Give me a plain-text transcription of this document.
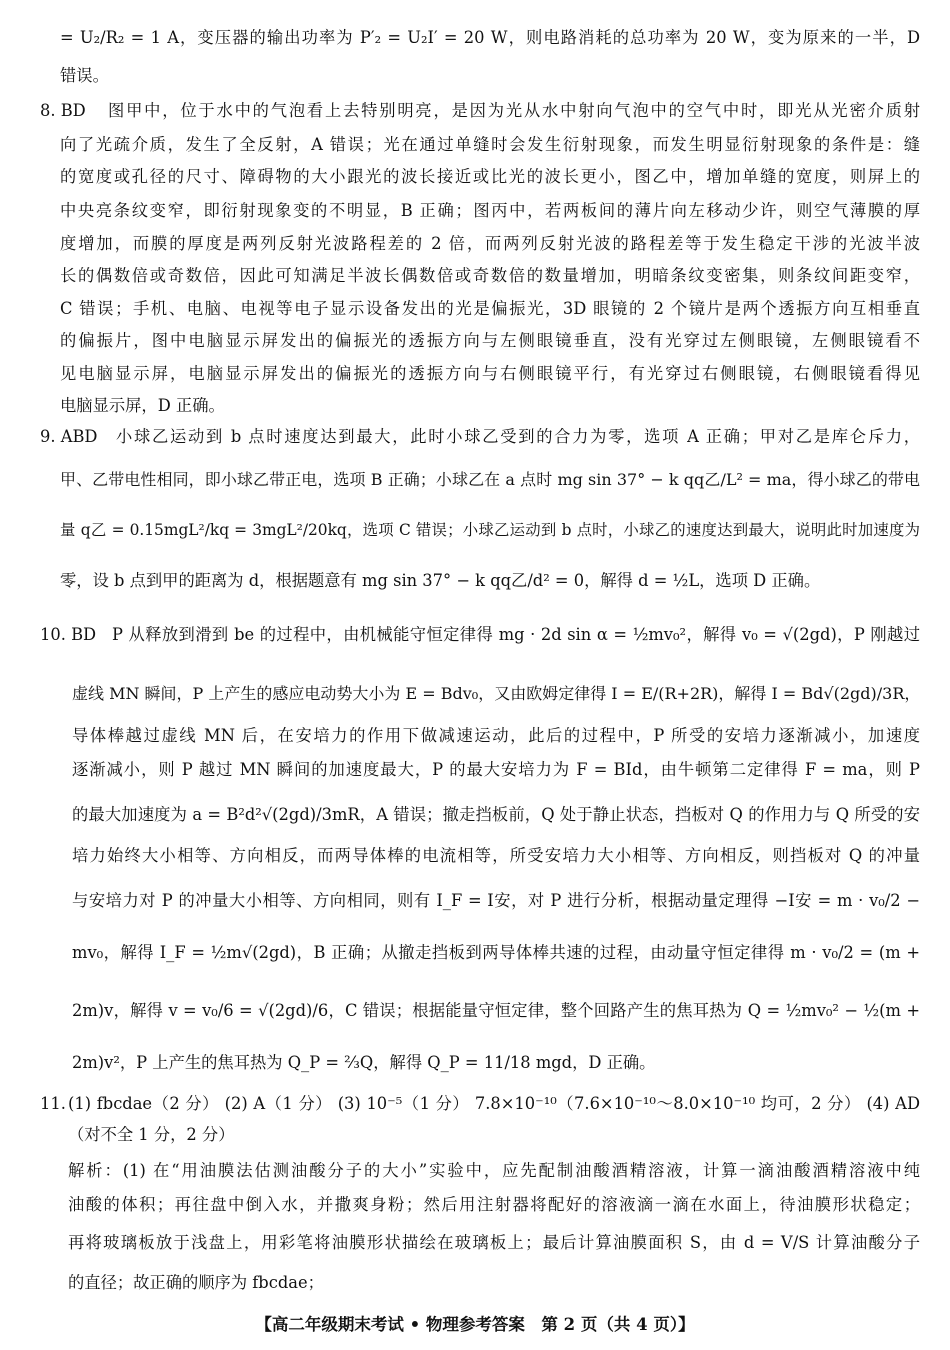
= U₂/R₂ = 1 A，变压器的输出功率为 P′₂ = U₂I′ = 20 W，则电路消耗的总功率为 20 W，变为原来的一半，D
错误。
8. BD 图甲中，位于水中的气泡看上去特别明亮，是因为光从水中射向气泡中的空气中时，即光从光密介质射
向了光疏介质，发生了全反射，A 错误；光在通过单缝时会发生衍射现象，而发生明显衍射现象的条件是：缝
的宽度或孔径的尺寸、障碍物的大小跟光的波长接近或比光的波长更小，图乙中，增加单缝的宽度，则屏上的
中央亮条纹变窄，即衍射现象变的不明显，B 正确；图丙中，若两板间的薄片向左移动少许，则空气薄膜的厚
度增加，而膜的厚度是两列反射光波路程差的 2 倍，而两列反射光波的路程差等于发生稳定干涉的光波半波
长的偶数倍或奇数倍，因此可知满足半波长偶数倍或奇数倍的数量增加，明暗条纹变密集，则条纹间距变窄，
C 错误；手机、电脑、电视等电子显示设备发出的光是偏振光，3D 眼镜的 2 个镜片是两个透振方向互相垂直
的偏振片，图中电脑显示屏发出的偏振光的透振方向与左侧眼镜垂直，没有光穿过左侧眼镜，左侧眼镜看不
见电脑显示屏，电脑显示屏发出的偏振光的透振方向与右侧眼镜平行，有光穿过右侧眼镜，右侧眼镜看得见
电脑显示屏，D 正确。
9. ABD 小球乙运动到 b 点时速度达到最大，此时小球乙受到的合力为零，选项 A 正确；甲对乙是库仑斥力，
甲、乙带电性相同，即小球乙带正电，选项 B 正确；小球乙在 a 点时 mg sin 37° − k qq乙/L² = ma，得小球乙的带电
量 q乙 = 0.15mgL²/kq = 3mgL²/20kq，选项 C 错误；小球乙运动到 b 点时，小球乙的速度达到最大，说明此时加速度为
零，设 b 点到甲的距离为 d，根据题意有 mg sin 37° − k qq乙/d² = 0，解得 d = ½L，选项 D 正确。
10. BD P 从释放到滑到 be 的过程中，由机械能守恒定律得 mg · 2d sin α = ½mv₀²，解得 v₀ = √(2gd)，P 刚越过
虚线 MN 瞬间，P 上产生的感应电动势大小为 E = Bdv₀，又由欧姆定律得 I = E/(R+2R)，解得 I = Bd√(2gd)/3R，
导体棒越过虚线 MN 后，在安培力的作用下做减速运动，此后的过程中，P 所受的安培力逐渐减小，加速度
逐渐减小，则 P 越过 MN 瞬间的加速度最大，P 的最大安培力为 F = BId，由牛顿第二定律得 F = ma，则 P
的最大加速度为 a = B²d²√(2gd)/3mR，A 错误；撤走挡板前，Q 处于静止状态，挡板对 Q 的作用力与 Q 所受的安
培力始终大小相等、方向相反，而两导体棒的电流相等，所受安培力大小相等、方向相反，则挡板对 Q 的冲量
与安培力对 P 的冲量大小相等、方向相同，则有 I_F = I安，对 P 进行分析，根据动量定理得 −I安 = m · v₀/2 −
mv₀，解得 I_F = ½m√(2gd)，B 正确；从撤走挡板到两导体棒共速的过程，由动量守恒定律得 m · v₀/2 = (m +
2m)v，解得 v = v₀/6 = √(2gd)/6，C 错误；根据能量守恒定律，整个回路产生的焦耳热为 Q = ½mv₀² − ½(m +
2m)v²，P 上产生的焦耳热为 Q_P = ⅔Q，解得 Q_P = 11/18 mgd，D 正确。
11. (1) fbcdae（2 分） (2) A（1 分） (3) 10⁻⁵（1 分） 7.8×10⁻¹⁰（7.6×10⁻¹⁰～8.0×10⁻¹⁰ 均可，2 分） (4) AD
（对不全 1 分，2 分）
解析：(1) 在“用油膜法估测油酸分子的大小”实验中，应先配制油酸酒精溶液，计算一滴油酸酒精溶液中纯
油酸的体积；再往盘中倒入水，并撒爽身粉；然后用注射器将配好的溶液滴一滴在水面上，待油膜形状稳定；
再将玻璃板放于浅盘上，用彩笔将油膜形状描绘在玻璃板上；最后计算油膜面积 S，由 d = V/S 计算油酸分子
的直径；故正确的顺序为 fbcdae；
【高二年级期末考试 • 物理参考答案　第 2 页（共 4 页）】
